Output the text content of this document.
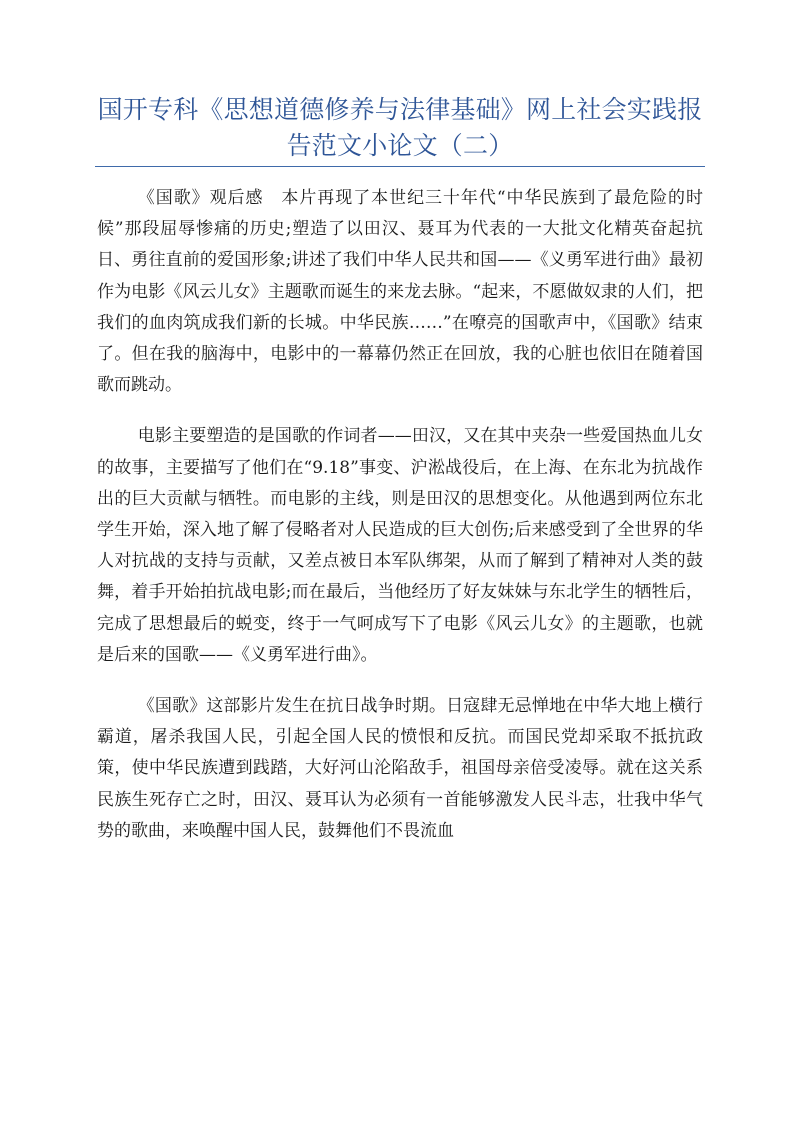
国开专科《思想道德修养与法律基础》网上社会实践报告范文小论文（二）

《国歌》观后感　本片再现了本世纪三十年代“中华民族到了最危险的时候”那段屈辱惨痛的历史;塑造了以田汉、聂耳为代表的一大批文化精英奋起抗日、勇往直前的爱国形象;讲述了我们中华人民共和国——《义勇军进行曲》最初作为电影《风云儿女》主题歌而诞生的来龙去脉。“起来，不愿做奴隶的人们，把我们的血肉筑成我们新的长城。中华民族……”在嘹亮的国歌声中，《国歌》结束了。但在我的脑海中，电影中的一幕幕仍然正在回放，我的心脏也依旧在随着国歌而跳动。

电影主要塑造的是国歌的作词者——田汉，又在其中夹杂一些爱国热血儿女的故事，主要描写了他们在“9.18”事变、沪淞战役后，在上海、在东北为抗战作出的巨大贡献与牺牲。而电影的主线，则是田汉的思想变化。从他遇到两位东北学生开始，深入地了解了侵略者对人民造成的巨大创伤;后来感受到了全世界的华人对抗战的支持与贡献，又差点被日本军队绑架，从而了解到了精神对人类的鼓舞，着手开始拍抗战电影;而在最后，当他经历了好友妹妹与东北学生的牺牲后，完成了思想最后的蜕变，终于一气呵成写下了电影《风云儿女》的主题歌，也就是后来的国歌——《义勇军进行曲》。

《国歌》这部影片发生在抗日战争时期。日寇肆无忌惮地在中华大地上横行霸道，屠杀我国人民，引起全国人民的愤恨和反抗。而国民党却采取不抵抗政策，使中华民族遭到践踏，大好河山沦陷敌手，祖国母亲倍受凌辱。就在这关系民族生死存亡之时，田汉、聂耳认为必须有一首能够激发人民斗志，壮我中华气势的歌曲，来唤醒中国人民，鼓舞他们不畏流血
